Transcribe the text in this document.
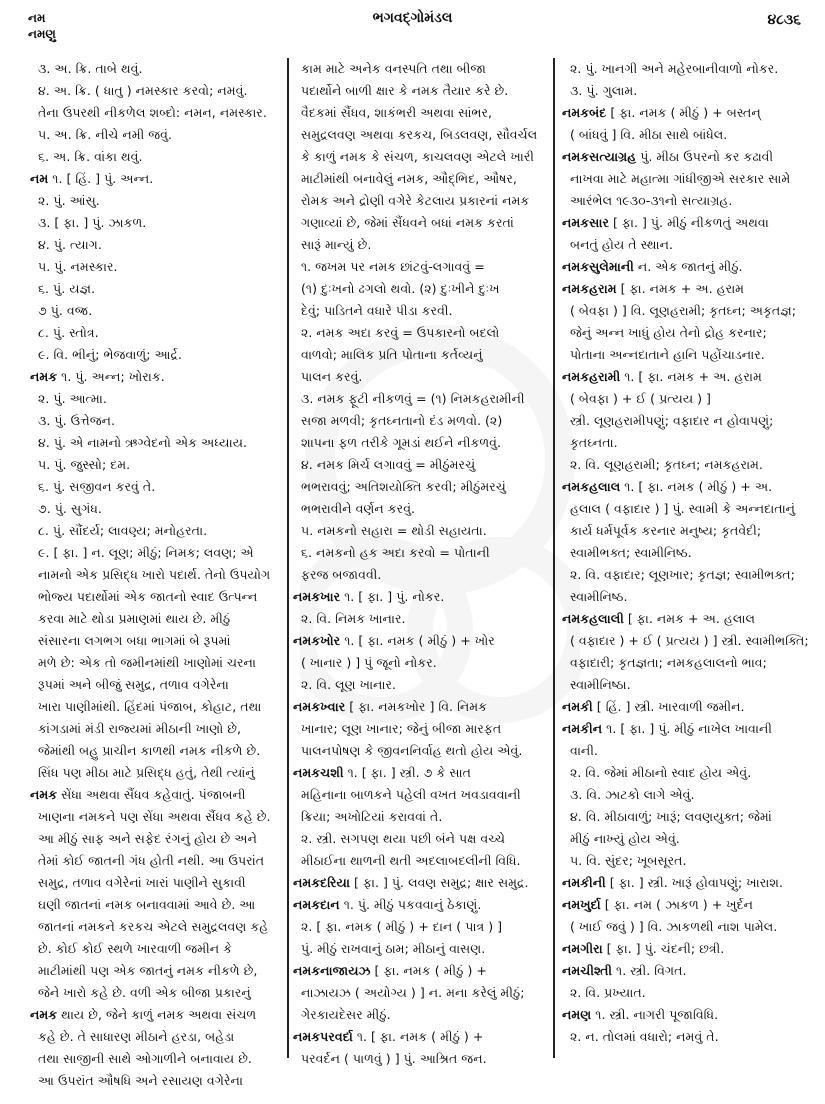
નમ
નમણુ
ભગવદ્ગોમંડલ	૪૮૩૬
૩. અ. ક્રિ. તાબે થવું.
૪. અ. ક્રિ. ( ધાતુ ) નમસ્કાર કરવો; નમવું.
તેના ઉપરથી નીકળેલ શબ્દો: નમન, નમસ્કાર.
૫. અ. ક્રિ. નીચે નમી જવું.
૬. અ. ક્રિ. વાંકા થવું.
નમ ૧. [ હિં. ] પું. અન્ન.
૨. પું. આંસુ.
૩. [ ફા. ] પું. ઝાકળ.
૪. પું. ત્યાગ.
૫. પું. નમસ્કાર.
૬. પું. યજ્ઞ.
૭ પું. વજ્ર.
૮. પું. સ્તોત્ર.
૯. વિ. ભીનું; ભેજવાળું; આર્દ્ર.
નમક ૧. પું. અન્ન; ખોરાક.
૨. પું. આત્મા.
૩. પું. ઉત્તેજન.
૪. પું. એ નામનો ઋગ્વેદનો એક અધ્યાય.
૫. પું. જુસ્સો; દમ.
૬. પું. સજીવન કરવું તે.
૭. પું. સુગંધ.
૮. પું. સૌંદર્ય; લાવણ્ય; મનોહરતા.
૯. [ ફા. ] ન. લૂણ; મીઠું; નિમક; લવણ; એ
નામનો એક પ્રસિદ્ધ ખારો પદાર્થ. તેનો ઉપયોગ
ભોજ્ય પદાર્થોમાં એક જાતનો સ્વાદ ઉત્પન્ન
કરવા માટે થોડા પ્રમાણમાં થાય છે. મીઠું
સંસારના લગભગ બધા ભાગમાં બે રૂપમાં
મળે છે: એક તો જમીનમાંથી ખાણોમાં ચરના
રૂપમાં અને બીજું સમુદ્ર, તળાવ વગેરેના
ખારા પાણીમાંથી. હિંદમાં પંજાબ, કોહાટ, તથા
કાંગડામાં મંડી રાજ્યમાં મીઠાની ખાણો છે,
જેમાંથી બહુ પ્રાચીન કાળથી નમક નીકળે છે.
સિંધ પણ મીઠા માટે પ્રસિદ્ધ હતું, તેથી ત્યાંનું
નમક સેંધા અથવા સૈંધવ કહેવાતું. પંજાબની
ખાણના નમકને પણ સેંધા અથવા સૈંધવ કહે છે.
આ મીઠું સાફ અને સફેદ રંગનું હોય છે અને
તેમાં કોઈ જાતની ગંધ હોતી નથી. આ ઉપરાંત
સમુદ્ર, તળાવ વગેરેનાં ખારાં પાણીને સુકાવી
ઘણી જાતનાં નમક બનાવવામાં આવે છે. આ
જાતનાં નમકને કરકચ એટલે સમુદ્રલવણ કહે
છે. કોઈ કોઈ સ્થળે ખારવાળી જમીન કે
માટીમાંથી પણ એક જાતનું નમક નીકળે છે,
જેને ખારો કહે છે. વળી એક બીજા પ્રકારનું
નમક થાય છે, જેને કાળું નમક અથવા સંચળ
કહે છે. તે સાધારણ મીઠાને હરડા, બહેડા
તથા સાજીની સાથે ઓગાળીને બનાવાય છે.
આ ઉપરાંત ઔષધિ અને રસાયણ વગેરેના
કામ માટે અનેક વનસ્પતિ તથા બીજા
પદાર્થોને બાળી ક્ષાર કે નમક તૈયાર કરે છે.
વૈદકમાં સૈંધવ, શાકંભરી અથવા સાંભર,
સમુદ્રલવણ અથવા કરકચ, બિડલવણ, સૌવર્ચલ
કે કાળું નમક કે સંચળ, કાચલવણ એટલે ખારી
માટીમાંથી બનાવેલું નમક, ઔદ્‌ભિદ, ઔષર,
રોમક અને દ્રોણી વગેરે કેટલાય પ્રકારનાં નમક
ગણાવ્યાં છે, જેમાં સૈંધવને બધાં નમક કરતાં
સારૂં માન્યું છે.
૧. જખમ પર નમક છાંટવું-લગાવવું =
(૧) દુઃખનો ઢગલો થવો. (૨) દુઃખીને દુઃખ
દેવું; પાડિતને વધારે પીડા કરવી.
૨. નમક અદા કરવું = ઉપકારનો બદલો
વાળવો; માલિક પ્રતિ પોતાના કર્તવ્યનું
પાલન કરવું.
૩. નમક ફૂટી નીકળવું = (૧) નિમકહરામીની
સજા મળવી; કૃતઘ્નતાનો દંડ મળવો. (૨)
શાપના ફળ તરીકે ગૂમડાં થઈને નીકળવું.
૪. નમક મિર્ચ લગાવવું = મીઠુંમરચું
ભભરાવવું; અતિશયોક્તિ કરવી; મીઠુંમરચું
ભભરાવીને વર્ણન કરવું.
૫. નમકનો સહારા = થોડી સહાયતા.
૬. નમકનો હક અદા કરવો = પોતાની
ફરજ બજાવવી.
નમકખાર ૧. [ ફા. ] પું. નોકર.
૨. વિ. નિમક ખાનાર.
નમકખોર ૧. [ ફા. નમક ( મીઠું ) + ખોર
( ખાનાર ) ] પું જૂનો નોકર.
૨. વિ. લૂણ ખાનાર.
નમકખ્વાર [ ફા. નમકખોર ] વિ. નિમક
ખાનાર; લૂણ ખાનાર; જેનું બીજા મારફત
પાલનપોષણ કે જીવનનિર્વાહ થતો હોય એવું.
નમકચશી ૧. [ ફા. ] સ્ત્રી. ૭ કે સાત
મહિનાના બાળકને પહેલી વખત ખવડાવવાની
ક્રિયા; અખોટિયાં કરાવવાં તે.
૨. સ્ત્રી. સગપણ થયા પછી બંને પક્ષ વચ્ચે
મીઠાઈના થાળની થતી અદલાબદલીની વિધિ.
નમકદરિયા [ ફા. ] પું. લવણ સમુદ્ર; ક્ષાર સમુદ્ર.
નમકદાન ૧. પું. મીઠું પકવવાનું ઠેકાણું.
૨. [ ફા. નમક ( મીઠું ) + દાન ( પાત્ર ) ]
પું. મીઠું રાખવાનું ઠામ; મીઠાનું વાસણ.
નમકનાજાયઝ [ ફા. નમક ( મીઠું ) +
નાઝાયઝ ( અયોગ્ય ) ] ન. મના કરેલું મીઠું;
ગેરકાયદેસર મીઠું.
નમકપરવર્દા ૧. [ ફા. નમક ( મીઠું ) +
પરવર્દન ( પાળવું ) ] પું. આશ્રિત જન.
૨. પું. ખાનગી અને મહેરબાનીવાળો નોકર.
૩. પું. ગુલામ.
નમકબંદ [ ફા. નમક ( મીઠું ) + બસ્તન્
( બાંધવું ] વિ. મીઠા સાથે બાંધેલ.
નમકસત્યાગ્રહ પું. મીઠા ઉપરનો કર કઢાવી
નાખવા માટે મહાત્મા ગાંધીજીએ સરકાર સામે
આરંભેલ ૧૯૩૦-૩૧નો સત્યાગ્રહ.
નમકસાર [ ફા. ] પું. મીઠું નીકળતું અથવા
બનતું હોય તે સ્થાન.
નમકસુલેમાની ન. એક જાતનું મીઠું.
નમકહરામ [ ફા. નમક + અ. હરામ
( બેવફા ) ] વિ. લૂણહરામી; કૃતઘ્ન; અકૃતજ્ઞ;
જેનું અન્ન ખાધું હોય તેનો દ્રોહ કરનાર;
પોતાના અન્નદાતાને હાનિ પહોંચાડનાર.
નમકહરામી ૧. [ ફા. નમક + અ. હરામ
( બેવફા ) + ઈ ( પ્રત્યય ) ]
સ્ત્રી. લૂણહરામીપણું; વફાદાર ન હોવાપણું;
કૃતઘ્નતા.
૨. વિ. લૂણહરામી; કૃતઘ્ન; નમકહરામ.
નમકહલાલ ૧. [ ફા. નમક ( મીઠું ) + અ.
હલાલ ( વફાદાર ) ] પું. સ્વામી કે અન્નદાતાનું
કાર્ય ધર્મપૂર્વક કરનાર મનુષ્ય; કૃતવેદી;
સ્વામીભક્ત; સ્વામીનિષ્ઠ.
૨. વિ. વફાદાર; લૂણખાર; કૃતજ્ઞ; સ્વામીભક્ત;
સ્વામીનિષ્ઠ.
નમકહલાલી [ ફા. નમક + અ. હલાલ
( વફાદાર ) + ઈ ( પ્રત્યય ) ] સ્ત્રી. સ્વામીભક્તિ;
વફાદારી; કૃતજ્ઞતા; નમકહલાલનો ભાવ;
સ્વામીનિષ્ઠા.
નમકી [ હિં. ] સ્ત્રી. ખારવાળી જમીન.
નમકીન ૧. [ ફા. ] પું. મીઠું નાખેલ ખાવાની
વાની.
૨. વિ. જેમાં મીઠાનો સ્વાદ હોય એવું.
૩. વિ. ઝાટકો લાગે એવું.
૪. વિ. મીઠાવાળું; ખારૂં; લવણયુક્ત; જેમાં
મીઠું નાખ્યું હોય એવું.
૫. વિ. સુંદર; ખૂબસૂરત.
નમકીની [ ફા. ] સ્ત્રી. ખારૂં હોવાપણું; ખારાશ.
નમખુર્દા [ ફા. નમ ( ઝાકળ ) + ખુર્દન
( ખાઈ જવું ) ] વિ. ઝાકળથી નાશ પામેલ.
નમગીરા [ ફા. ] પું. ચંદની; છત્રી.
નમચીશ્તી ૧. સ્ત્રી. વિગત.
૨. વિ. પ્રખ્યાત.
નમણ ૧. સ્ત્રી. નાગરી પૂજાવિધિ.
૨. ન. તોલમાં વધારો; નમવું તે.
